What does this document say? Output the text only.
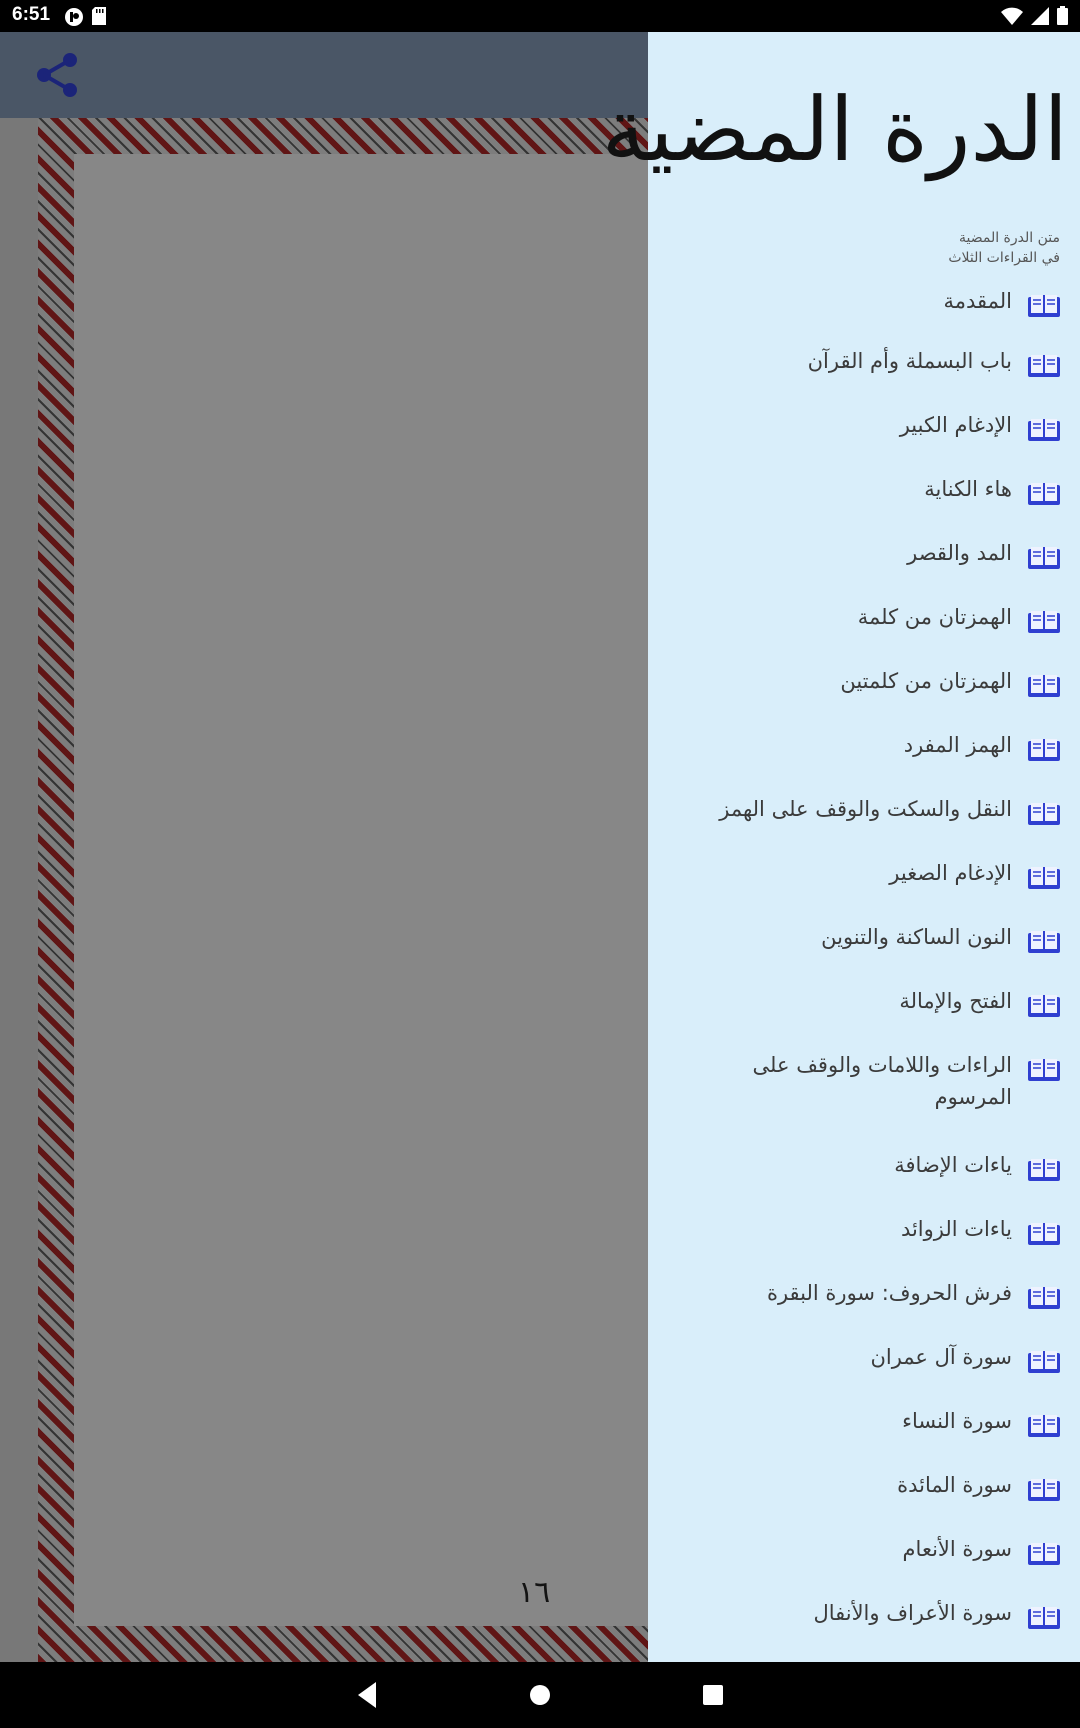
6:51
١٦
الدرة المضية
متن الدرة المضية
في القراءات الثلاث
المقدمة
باب البسملة وأم القرآن
الإدغام الكبير
هاء الكناية
المد والقصر
الهمزتان من كلمة
الهمزتان من كلمتين
الهمز المفرد
النقل والسكت والوقف على الهمز
الإدغام الصغير
النون الساكنة والتنوين
الفتح والإمالة
الراءات واللامات والوقف على المرسوم
ياءات الإضافة
ياءات الزوائد
فرش الحروف: سورة البقرة
سورة آل عمران
سورة النساء
سورة المائدة
سورة الأنعام
سورة الأعراف والأنفال
